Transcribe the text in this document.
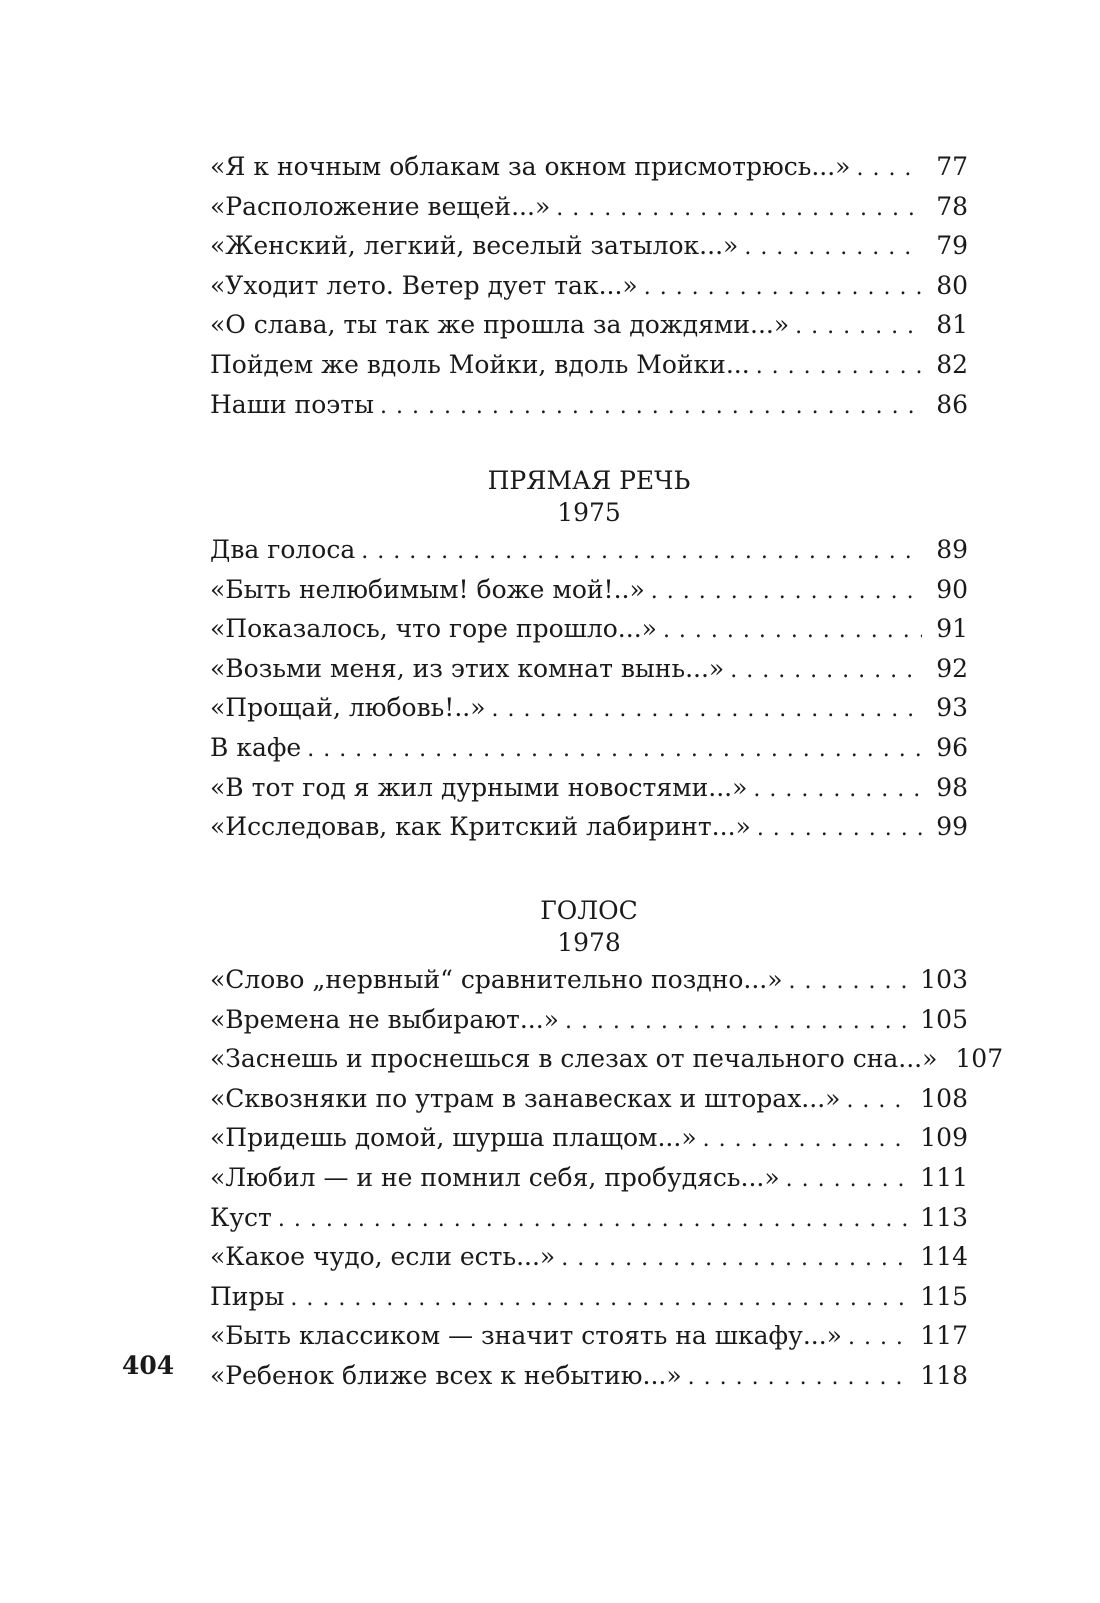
«Я к ночным облакам за окном присмотрюсь...» . . .	77
«Расположение вещей...» . . .	78
«Женский, легкий, веселый затылок...» . . .	79
«Уходит лето. Ветер дует так...» . . .	80
«О слава, ты так же прошла за дождями...» . . .	81
Пойдем же вдоль Мойки, вдоль Мойки... . . .	82
Наши поэты . . .	86
ПРЯМАЯ РЕЧЬ
1975
Два голоса . . .	89
«Быть нелюбимым! боже мой!..» . . .	90
«Показалось, что горе прошло...» . . .	91
«Возьми меня, из этих комнат вынь...» . . .	92
«Прощай, любовь!..» . . .	93
В кафе . . .	96
«В тот год я жил дурными новостями...» . . .	98
«Исследовав, как Критский лабиринт...» . . .	99
ГОЛОС
1978
«Слово „нервный“ сравнительно поздно...» . . .	103
«Времена не выбирают...» . . .	105
«Заснешь и проснешься в слезах от печального сна...» 107
«Сквозняки по утрам в занавесках и шторах...» . . .	108
«Придешь домой, шурша плащом...» . . .	109
«Любил — и не помнил себя, пробудясь...» . . .	111
Куст . . .	113
«Какое чудо, если есть...» . . .	114
Пиры . . .	115
«Быть классиком — значит стоять на шкафу...» . . .	117
«Ребенок ближе всех к небытию...» . . .	118
404
